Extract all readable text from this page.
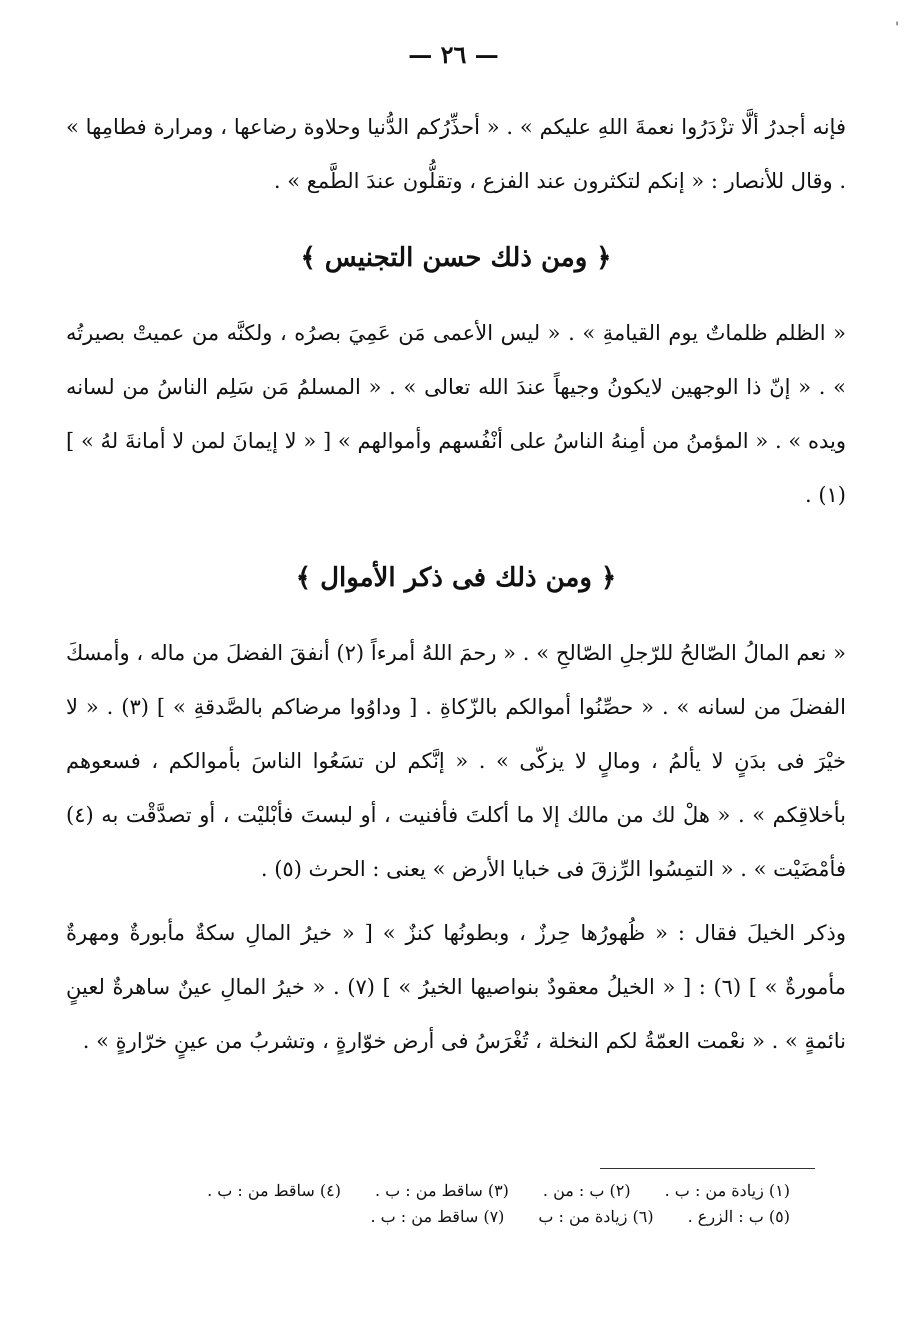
'
— ٢٦ —

فإنه أجدرُ ألَّا تزْدَرُوا نعمةَ اللهِ عليكم » . « أحذِّرُكم الدُّنيا وحلاوة رضاعها ، ومرارة فطامِها » . وقال للأنصار : « إنكم لتكثرون عند الفزع ، وتقلُّون عندَ الطَّمع » .

﴿ ومن ذلك حسن التجنيس ﴾

« الظلم ظلماتٌ يوم القيامةِ » . « ليس الأعمى مَن عَمِيَ بصرُه ، ولكنَّه من عميتْ بصيرتُه » . « إنّ ذا الوجهين لايكونُ وجيهاً عندَ الله تعالى » . « المسلمُ مَن سَلِم الناسُ من لسانه ويده » . « المؤمنُ من أمِنهُ الناسُ على أنْفُسهم وأموالهم » [ « لا إيمانَ لمن لا أمانةَ لهُ » ] (١) .

﴿ ومن ذلك فى ذكر الأموال ﴾

« نعم المالُ الصّالحُ للرّجلِ الصّالحِ » . « رحمَ اللهُ أمرءاً (٢) أنفقَ الفضلَ من ماله ، وأمسكَ الفضلَ من لسانه » . « حصِّنُوا أموالكم بالزّكاةِ . [ وداوُوا مرضاكم بالصَّدقةِ » ] (٣) . « لا خيْرَ فى بدَنٍ لا يألمُ ، ومالٍ لا يزكّى » . « إنَّكم لن تسَعُوا الناسَ بأموالكم ، فسعوهم بأخلاقِكم » . « هلْ لك من مالك إلا ما أكلتَ فأفنيت ، أو لبستَ فأبْليْت ، أو تصدَّقْت به (٤) فأمْضَيْت » . « التمِسُوا الرِّزقَ فى خبايا الأرض » يعنى : الحرث (٥) .

وذكر الخيلَ فقال : « ظُهورُها حِرزٌ ، وبطونُها كنزٌ » [ « خيرُ المالِ سكةٌ مأبورةٌ ومهرةٌ مأمورةٌ » ] (٦) : [ « الخيلُ معقودٌ بنواصيها الخيرُ » ] (٧) . « خيرُ المالِ عينٌ ساهرةٌ لعينٍ نائمةٍ » . « نعْمت العمّةُ لكم النخلة ، تُغْرَسُ فى أرض خوّارةٍ ، وتشربُ من عينٍ خرّارةٍ » .

(١) زيادة من : ب .
(٢) ب : من .
(٣) ساقط من : ب .
(٤) ساقط من : ب .
(٥) ب : الزرع .
(٦) زيادة من : ب
(٧) ساقط من : ب .
